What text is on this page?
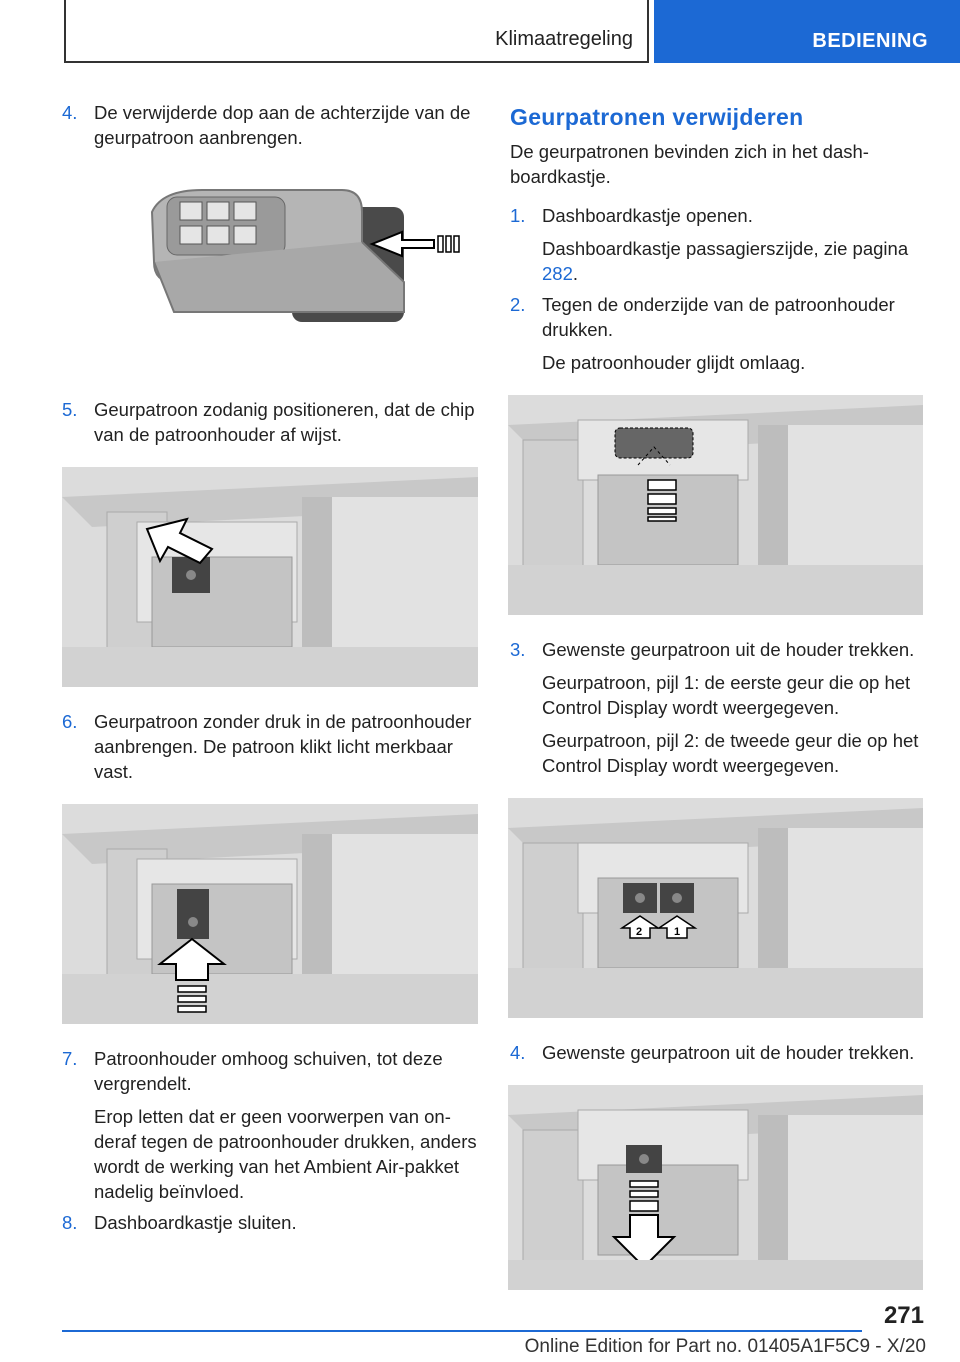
Klimaatregeling	BEDIENING
4. De verwijderde dop aan de achterzijde van de geurpatroon aanbrengen.
5. Geurpatroon zodanig positioneren, dat de chip van de patroonhouder af wijst.
6. Geurpatroon zonder druk in de patroonhouder aanbrengen. De patroon klikt licht merkbaar vast.
7. Patroonhouder omhoog schuiven, tot deze vergrendelt.
Erop letten dat er geen voorwerpen van onderaf tegen de patroonhouder drukken, anders wordt de werking van het Ambient Air-pakket nadelig beïnvloed.
8. Dashboardkastje sluiten.
Geurpatronen verwijderen
De geurpatronen bevinden zich in het dashboardkastje.
1. Dashboardkastje openen.
Dashboardkastje passagierszijde, zie pagina 282.
2. Tegen de onderzijde van de patroonhouder drukken.
De patroonhouder glijdt omlaag.
3. Gewenste geurpatroon uit de houder trekken.
Geurpatroon, pijl 1: de eerste geur die op het Control Display wordt weergegeven.
Geurpatroon, pijl 2: de tweede geur die op het Control Display wordt weergegeven.
2	1
4. Gewenste geurpatroon uit de houder trekken.
271
Online Edition for Part no. 01405A1F5C9 - X/20
